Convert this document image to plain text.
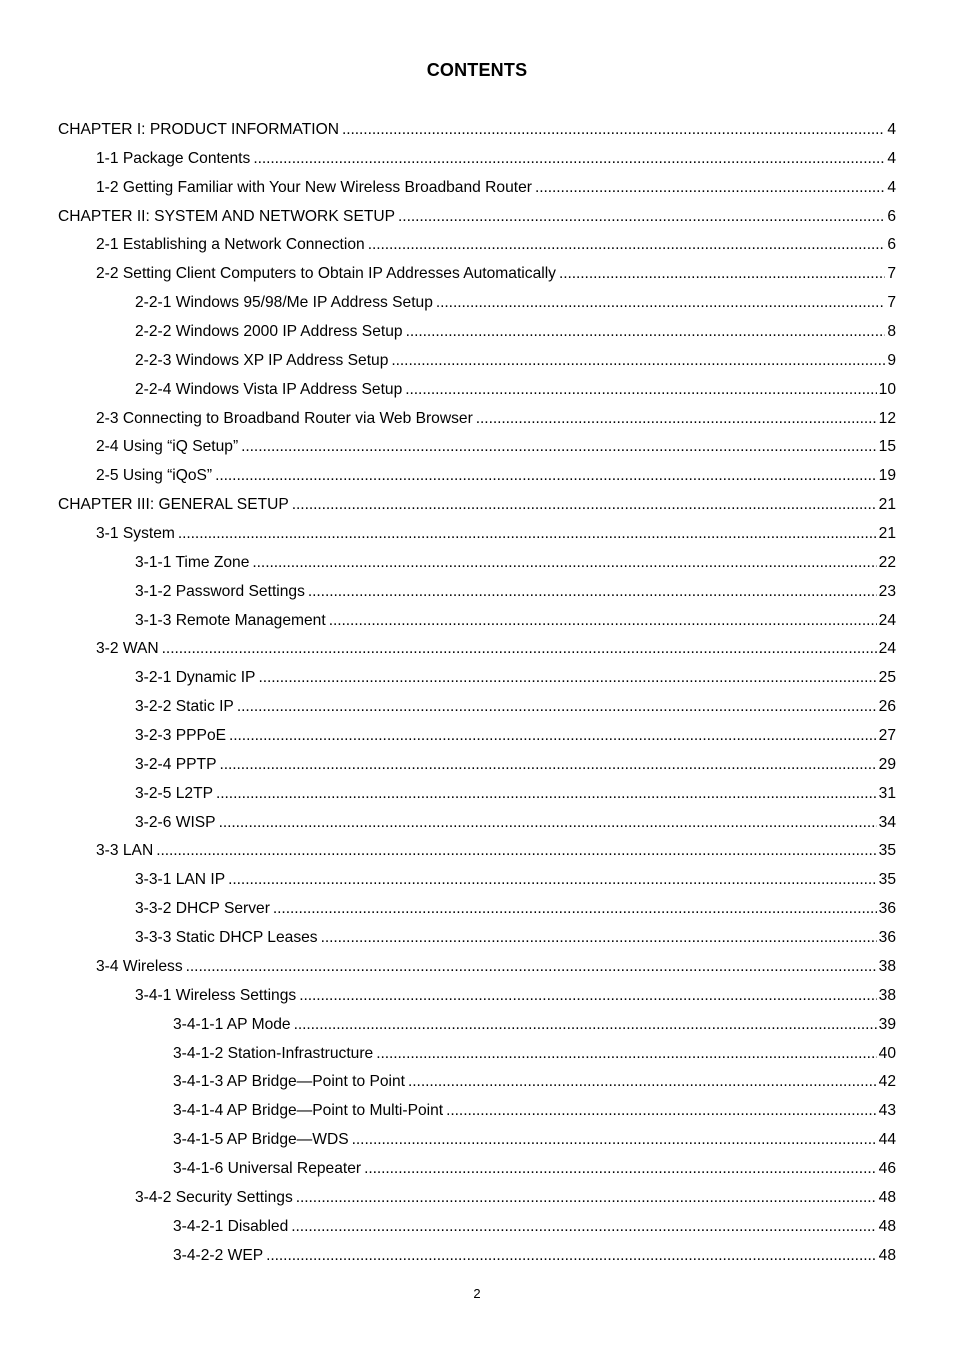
CONTENTS
CHAPTER I: PRODUCT INFORMATION . . .	4
1-1 Package Contents . . .	4
1-2 Getting Familiar with Your New Wireless Broadband Router . . .	4
CHAPTER II: SYSTEM AND NETWORK SETUP . . .	6
2-1 Establishing a Network Connection . . .	6
2-2 Setting Client Computers to Obtain IP Addresses Automatically . . .	7
2-2-1 Windows 95/98/Me IP Address Setup . . .	7
2-2-2 Windows 2000 IP Address Setup . . .	8
2-2-3 Windows XP IP Address Setup . . .	9
2-2-4 Windows Vista IP Address Setup . . .	10
2-3 Connecting to Broadband Router via Web Browser . . .	12
2-4 Using “iQ Setup” . . .	15
2-5 Using “iQoS” . . .	19
CHAPTER III: GENERAL SETUP . . .	21
3-1 System . . .	21
3-1-1 Time Zone . . .	22
3-1-2 Password Settings . . .	23
3-1-3 Remote Management . . .	24
3-2 WAN . . .	24
3-2-1 Dynamic IP . . .	25
3-2-2 Static IP . . .	26
3-2-3 PPPoE . . .	27
3-2-4 PPTP . . .	29
3-2-5 L2TP . . .	31
3-2-6 WISP . . .	34
3-3 LAN . . .	35
3-3-1 LAN IP . . .	35
3-3-2 DHCP Server . . .	36
3-3-3 Static DHCP Leases . . .	36
3-4 Wireless . . .	38
3-4-1 Wireless Settings . . .	38
3-4-1-1 AP Mode . . .	39
3-4-1-2 Station-Infrastructure . . .	40
3-4-1-3 AP Bridge—Point to Point . . .	42
3-4-1-4 AP Bridge—Point to Multi-Point . . .	43
3-4-1-5 AP Bridge—WDS . . .	44
3-4-1-6 Universal Repeater . . .	46
3-4-2 Security Settings . . .	48
3-4-2-1 Disabled . . .	48
3-4-2-2 WEP . . .	48
2
